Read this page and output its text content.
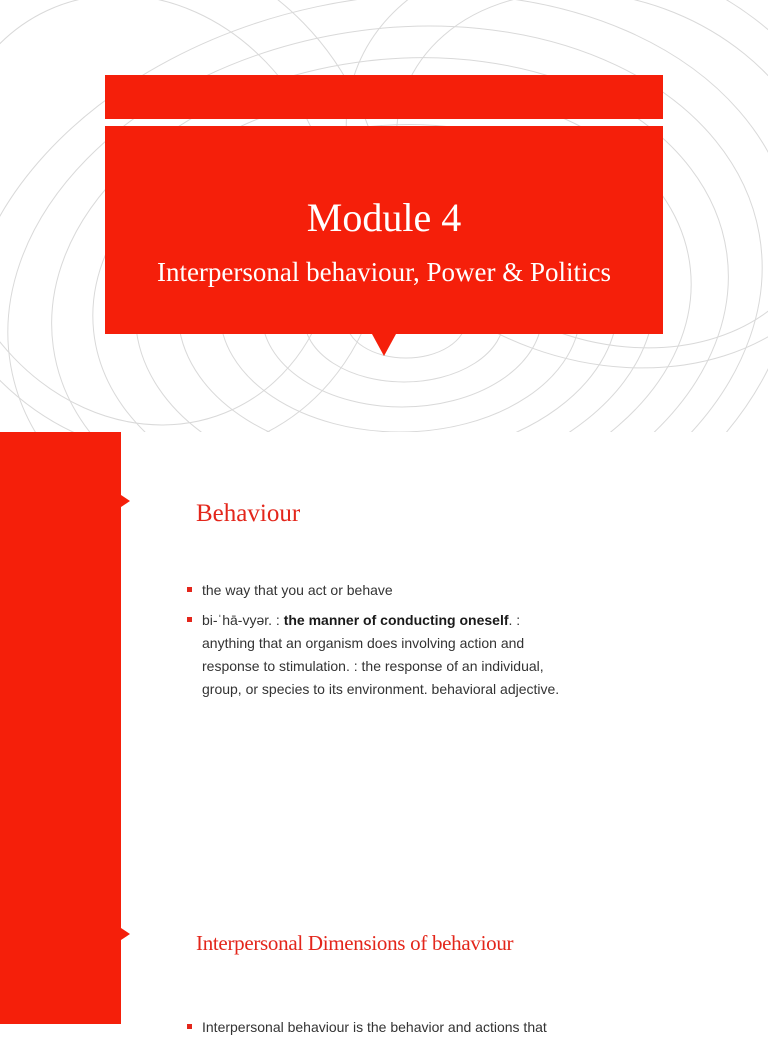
Module 4
Interpersonal behaviour, Power & Politics
Behaviour
the way that you act or behave
bi-ˈhā-vyər. : the manner of conducting oneself. : anything that an organism does involving action and response to stimulation. : the response of an individual, group, or species to its environment. behavioral adjective.
Interpersonal Dimensions of behaviour
Interpersonal behaviour is the behavior and actions that
